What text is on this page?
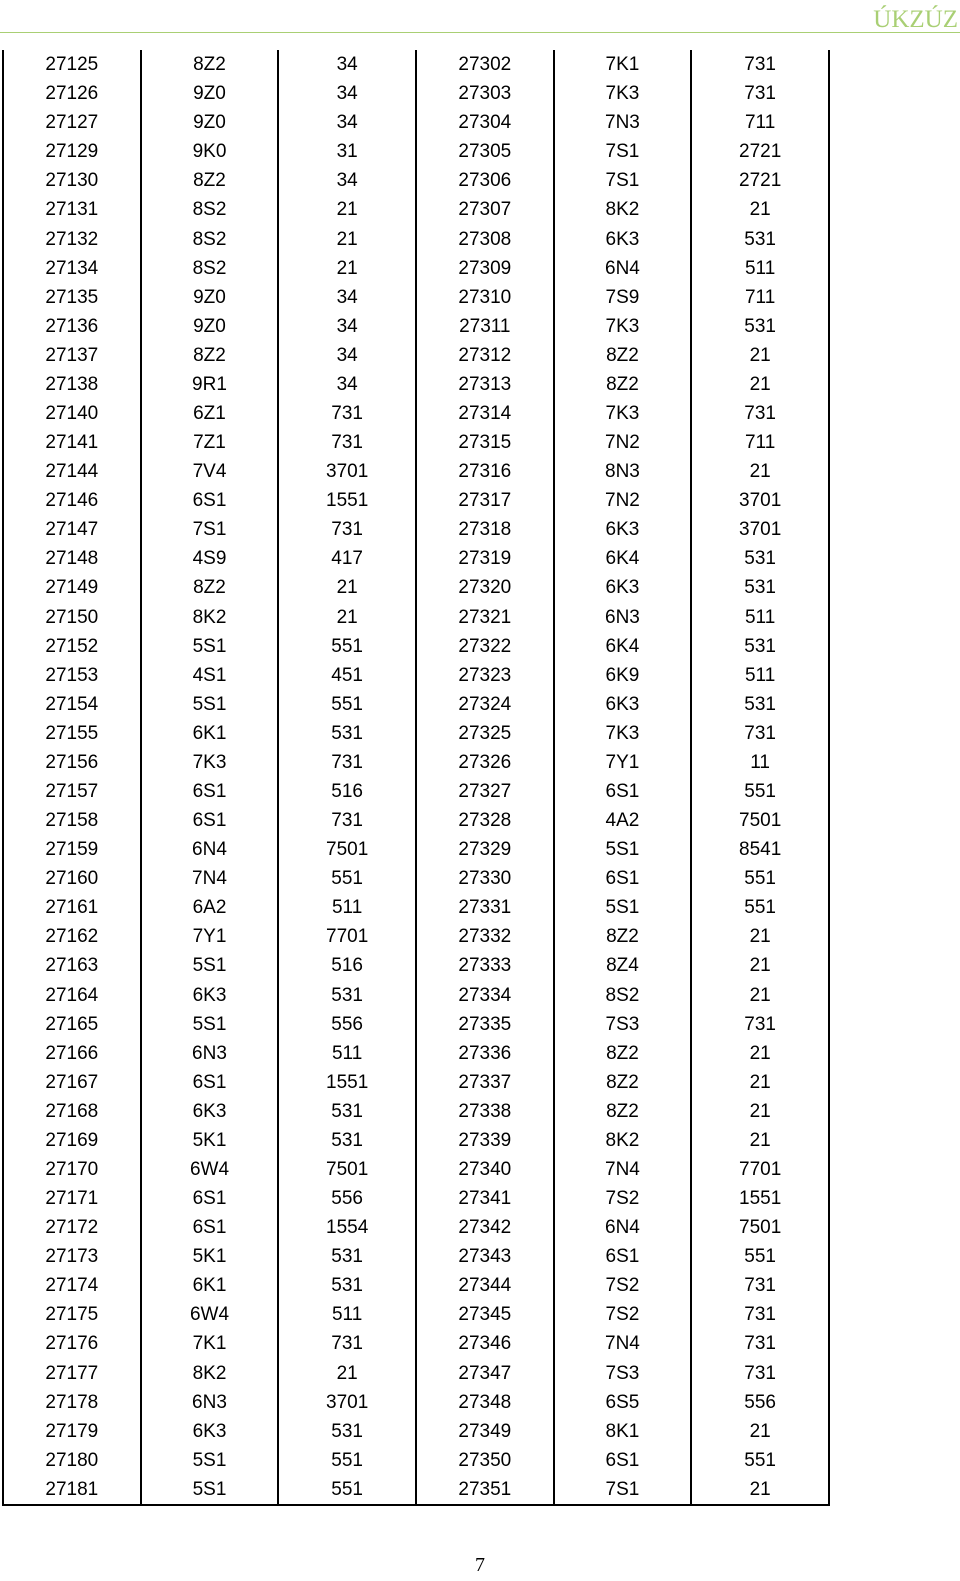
ÚKZÚZ
27125	8Z2	34	27302	7K1	731
27126	9Z0	34	27303	7K3	731
27127	9Z0	34	27304	7N3	711
27129	9K0	31	27305	7S1	2721
27130	8Z2	34	27306	7S1	2721
27131	8S2	21	27307	8K2	21
27132	8S2	21	27308	6K3	531
27134	8S2	21	27309	6N4	511
27135	9Z0	34	27310	7S9	711
27136	9Z0	34	27311	7K3	531
27137	8Z2	34	27312	8Z2	21
27138	9R1	34	27313	8Z2	21
27140	6Z1	731	27314	7K3	731
27141	7Z1	731	27315	7N2	711
27144	7V4	3701	27316	8N3	21
27146	6S1	1551	27317	7N2	3701
27147	7S1	731	27318	6K3	3701
27148	4S9	417	27319	6K4	531
27149	8Z2	21	27320	6K3	531
27150	8K2	21	27321	6N3	511
27152	5S1	551	27322	6K4	531
27153	4S1	451	27323	6K9	511
27154	5S1	551	27324	6K3	531
27155	6K1	531	27325	7K3	731
27156	7K3	731	27326	7Y1	11
27157	6S1	516	27327	6S1	551
27158	6S1	731	27328	4A2	7501
27159	6N4	7501	27329	5S1	8541
27160	7N4	551	27330	6S1	551
27161	6A2	511	27331	5S1	551
27162	7Y1	7701	27332	8Z2	21
27163	5S1	516	27333	8Z4	21
27164	6K3	531	27334	8S2	21
27165	5S1	556	27335	7S3	731
27166	6N3	511	27336	8Z2	21
27167	6S1	1551	27337	8Z2	21
27168	6K3	531	27338	8Z2	21
27169	5K1	531	27339	8K2	21
27170	6W4	7501	27340	7N4	7701
27171	6S1	556	27341	7S2	1551
27172	6S1	1554	27342	6N4	7501
27173	5K1	531	27343	6S1	551
27174	6K1	531	27344	7S2	731
27175	6W4	511	27345	7S2	731
27176	7K1	731	27346	7N4	731
27177	8K2	21	27347	7S3	731
27178	6N3	3701	27348	6S5	556
27179	6K3	531	27349	8K1	21
27180	5S1	551	27350	6S1	551
27181	5S1	551	27351	7S1	21
7
